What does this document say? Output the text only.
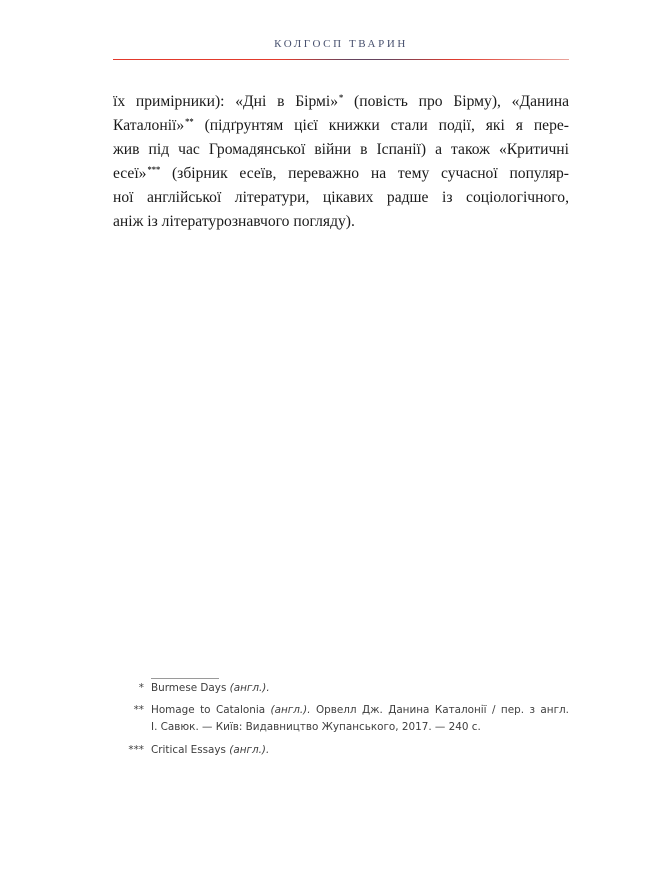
КОЛГОСП ТВАРИН
їх примірники): «Дні в Бірмі»* (повість про Бірму), «Данина
Каталонії»** (підґрунтям цієї книжки стали події, які я пере-
жив під час Громадянської війни в Іспанії) а також «Критичні
есеї»*** (збірник есеїв, переважно на тему сучасної популяр-
ної англійської літератури, цікавих радше із соціологічного,
аніж із літературознавчого погляду).
* Burmese Days (англ.).
** Homage to Catalonia (англ.). Орвелл Дж. Данина Каталонії / пер. з англ.
І. Савюк. — Київ: Видавництво Жупанського, 2017. — 240 с.
*** Critical Essays (англ.).
